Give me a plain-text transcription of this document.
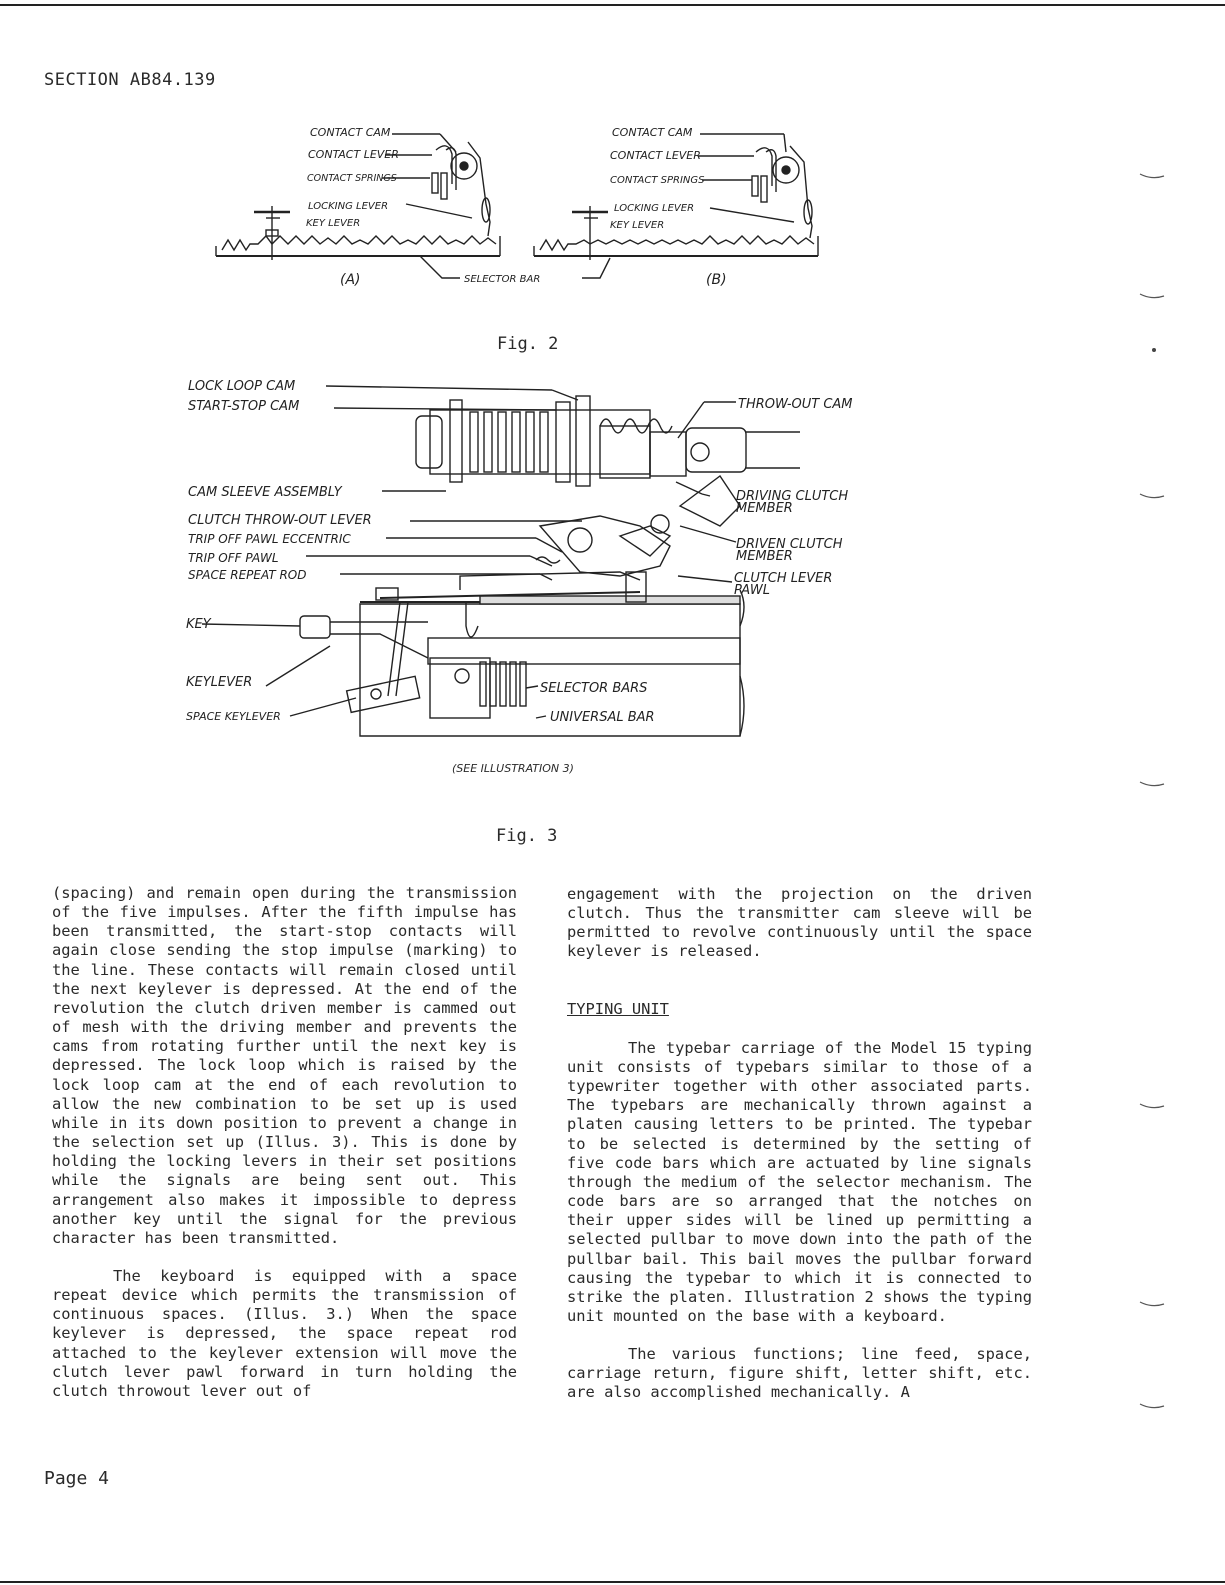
SECTION AB84.139
CONTACT CAM
CONTACT LEVER
CONTACT SPRINGS
LOCKING LEVER
KEY LEVER
(A)	SELECTOR BAR
CONTACT CAM
CONTACT LEVER
CONTACT SPRINGS
LOCKING LEVER
KEY LEVER
(B)
Fig. 2
LOCK LOOP CAM
START-STOP CAM	THROW-OUT CAM
CAM SLEEVE ASSEMBLY	DRIVING CLUTCH
MEMBER
CLUTCH THROW-OUT LEVER
TRIP OFF PAWL ECCENTRIC	DRIVEN CLUTCH
MEMBER
TRIP OFF PAWL
SPACE REPEAT ROD	CLUTCH LEVER
PAWL
KEY
KEYLEVER	SELECTOR BARS
SPACE KEYLEVER	UNIVERSAL BAR
(SEE ILLUSTRATION 3)
Fig. 3

(spacing) and remain open during the transmission of the five impulses. After the fifth impulse has been transmitted, the start-stop contacts will again close sending the stop impulse (marking) to the line. These contacts will remain closed until the next keylever is depressed. At the end of the revolution the clutch driven member is cammed out of mesh with the driving member and prevents the cams from rotating further until the next key is depressed. The lock loop which is raised by the lock loop cam at the end of each revolution to allow the new combination to be set up is used while in its down position to prevent a change in the selection set up (Illus. 3). This is done by holding the locking levers in their set positions while the signals are being sent out. This arrangement also makes it impossible to depress another key until the signal for the previous character has been transmitted.

The keyboard is equipped with a space repeat device which permits the transmission of continuous spaces. (Illus. 3.) When the space keylever is depressed, the space repeat rod attached to the keylever extension will move the clutch lever pawl forward in turn holding the clutch throwout lever out of

engagement with the projection on the driven clutch. Thus the transmitter cam sleeve will be permitted to revolve continuously until the space keylever is released.

TYPING UNIT

The typebar carriage of the Model 15 typing unit consists of typebars similar to those of a typewriter together with other associated parts. The typebars are mechanically thrown against a platen causing letters to be printed. The typebar to be selected is determined by the setting of five code bars which are actuated by line signals through the medium of the selector mechanism. The code bars are so arranged that the notches on their upper sides will be lined up permitting a selected pullbar to move down into the path of the pullbar bail. This bail moves the pullbar forward causing the typebar to which it is connected to strike the platen. Illustration 2 shows the typing unit mounted on the base with a keyboard.

The various functions; line feed, space, carriage return, figure shift, letter shift, etc. are also accomplished mechanically. A

Page 4
